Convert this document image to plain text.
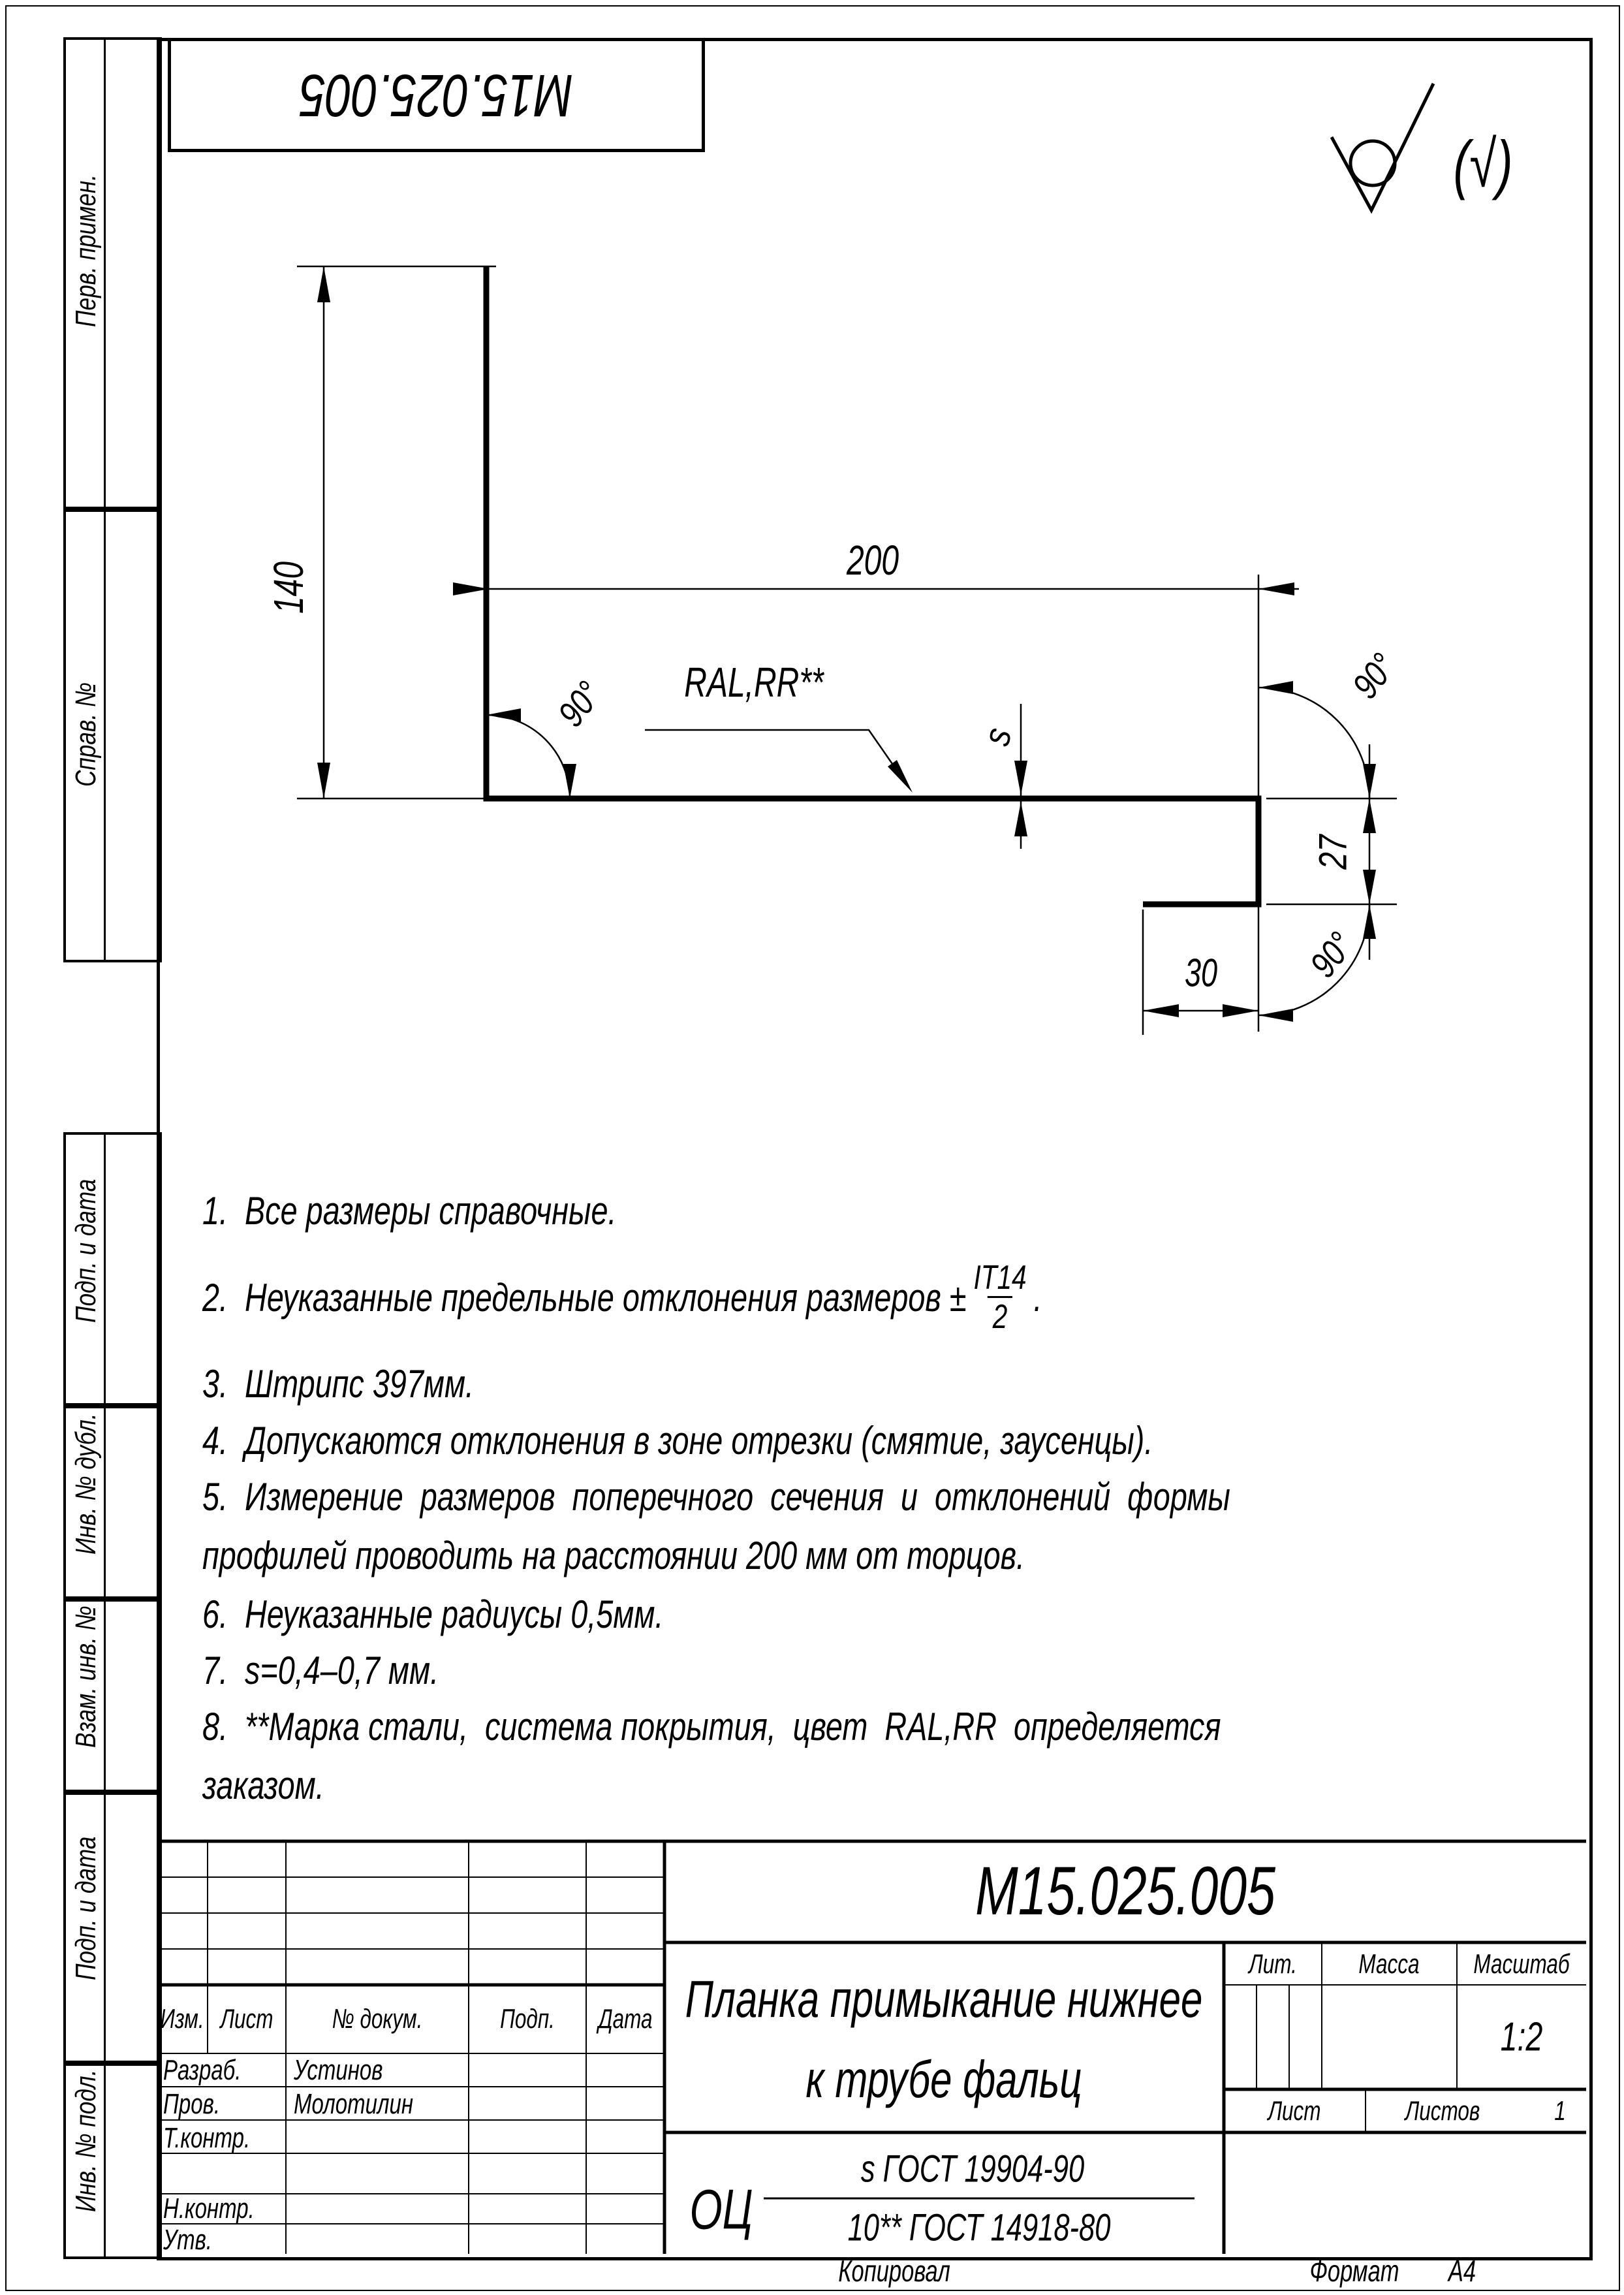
М15.025.005
Перв. примен.
Справ. №
Подп. и дата
Инв. № дубл.
Взам. инв. №
Подп. и дата
Инв. № подл.
(√)
140
200
90° RAL,RR**
s
90°
27
90°
30
1.  Все размеры справочные.
2.  Неуказанные предельные отклонения размеров ± $\frac{IT14}{2}$ .
3.  Штрипс 397мм.
4.  Допускаются отклонения в зоне отрезки (смятие, заусенцы).
5.  Измерение  размеров  поперечного  сечения  и  отклонений  формы
профилей проводить на расстоянии 200 мм от торцов.
6.  Неуказанные радиусы 0,5мм.
7.  s=0,4–0,7 мм.
8.  **Марка стали,  система покрытия,  цвет  RAL,RR  определяется
заказом.
Изм. Лист № докум.	Подп. Дата
Разраб. Устинов
Пров.	Молотилин
Т.контр.
Н.контр.
Утв.
М15.025.005
Планка примыкание нижнее
к трубе фальц
Лит. Масса Масштаб
1:2
Лист	Листов	1
ОЦ
s ГОСТ 19904-90
10** ГОСТ 14918-80
Копировал	Формат А4
